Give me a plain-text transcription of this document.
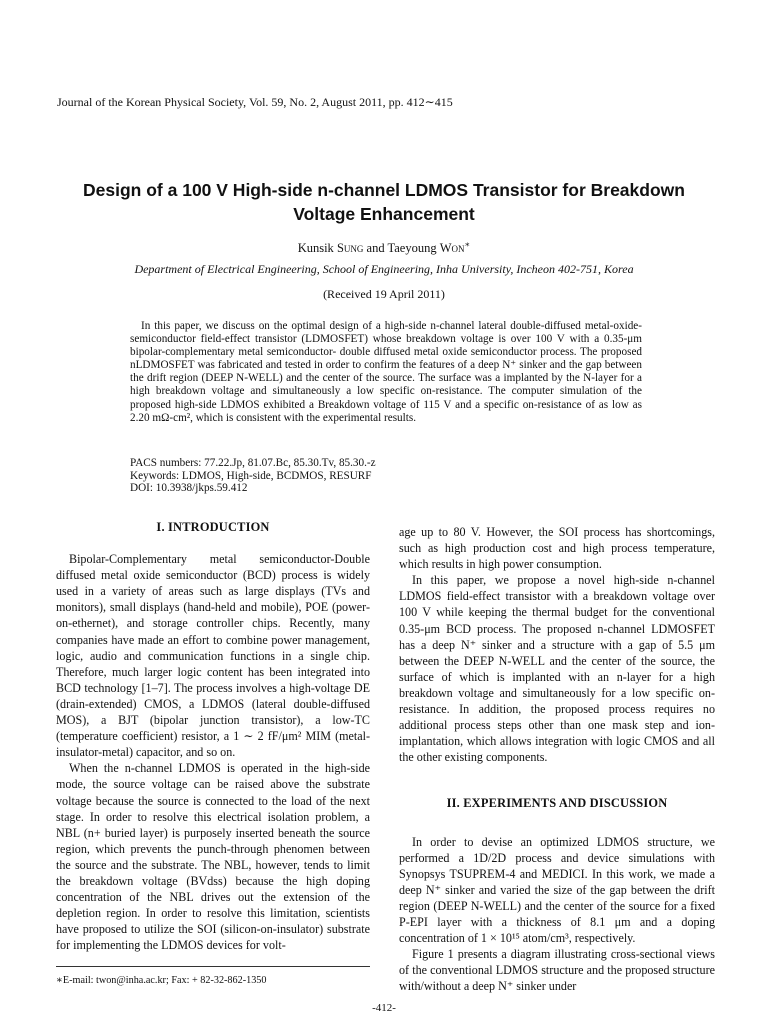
Journal of the Korean Physical Society, Vol. 59, No. 2, August 2011, pp. 412∼415
Design of a 100 V High-side n-channel LDMOS Transistor for Breakdown
Voltage Enhancement
Kunsik Sung and Taeyoung Won∗
Department of Electrical Engineering, School of Engineering, Inha University, Incheon 402-751, Korea
(Received 19 April 2011)

In this paper, we discuss on the optimal design of a high-side n-channel lateral double-diffused metal-oxide-semiconductor field-effect transistor (LDMOSFET) whose breakdown voltage is over 100 V with a 0.35-μm bipolar-complementary metal semiconductor- double diffused metal oxide semiconductor process. The proposed nLDMOSFET was fabricated and tested in order to confirm the features of a deep N⁺ sinker and the gap between the drift region (DEEP N-WELL) and the center of the source. The surface was a implanted by the N-layer for a high breakdown voltage and simultaneously a low specific on-resistance. The computer simulation of the proposed high-side LDMOS exhibited a Breakdown voltage of 115 V and a specific on-resistance of as low as 2.20 mΩ-cm², which is consistent with the experimental results.

PACS numbers: 77.22.Jp, 81.07.Bc, 85.30.Tv, 85.30.-z
Keywords: LDMOS, High-side, BCDMOS, RESURF
DOI: 10.3938/jkps.59.412
I. INTRODUCTION

Bipolar-Complementary metal semiconductor-Double diffused metal oxide semiconductor (BCD) process is widely used in a variety of areas such as large displays (TVs and monitors), small displays (hand-held and mobile), POE (power-on-ethernet), and storage controller chips. Recently, many companies have made an effort to combine power management, logic, audio and communication functions in a single chip. Therefore, much larger logic content has been integrated into BCD technology [1–7]. The process involves a high-voltage DE (drain-extended) CMOS, a LDMOS (lateral double-diffused MOS), a BJT (bipolar junction transistor), a low-TC (temperature coefficient) resistor, a 1 ∼ 2 fF/μm² MIM (metal-insulator-metal) capacitor, and so on.

When the n-channel LDMOS is operated in the high-side mode, the source voltage can be raised above the substrate voltage because the source is connected to the load of the next stage. In order to resolve this electrical isolation problem, a NBL (n+ buried layer) is purposely inserted beneath the source region, which prevents the punch-through phenomen between the source and the substrate. The NBL, however, tends to limit the breakdown voltage (BVdss) because the high doping concentration of the NBL drives out the extension of the depletion region. In order to resolve this limitation, scientists have proposed to utilize the SOI (silicon-on-insulator) substrate for implementing the LDMOS devices for volt-

age up to 80 V. However, the SOI process has shortcomings, such as high production cost and high process temperature, which results in high power consumption.

In this paper, we propose a novel high-side n-channel LDMOS field-effect transistor with a breakdown voltage over 100 V while keeping the thermal budget for the conventional 0.35-μm BCD process. The proposed n-channel LDMOSFET has a deep N⁺ sinker and a structure with a gap of 5.5 μm between the DEEP N-WELL and the center of the source, the surface of which is implanted with an n-layer for a high breakdown voltage and simultaneously for a low specific on-resistance. In addition, the proposed process requires no additional process steps other than one mask step and ion-implantation, which allows integration with logic CMOS and all the other existing components.

II. EXPERIMENTS AND DISCUSSION

In order to devise an optimized LDMOS structure, we performed a 1D/2D process and device simulations with Synopsys TSUPREM-4 and MEDICI. In this work, we made a deep N⁺ sinker and varied the size of the gap between the drift region (DEEP N-WELL) and the center of the source for a fixed P-EPI layer with a thickness of 8.1 μm and a doping concentration of 1 × 10¹⁵ atom/cm³, respectively.

Figure 1 presents a diagram illustrating cross-sectional views of the conventional LDMOS structure and the proposed structure with/without a deep N⁺ sinker under

∗E-mail: twon@inha.ac.kr; Fax: + 82-32-862-1350
-412-
